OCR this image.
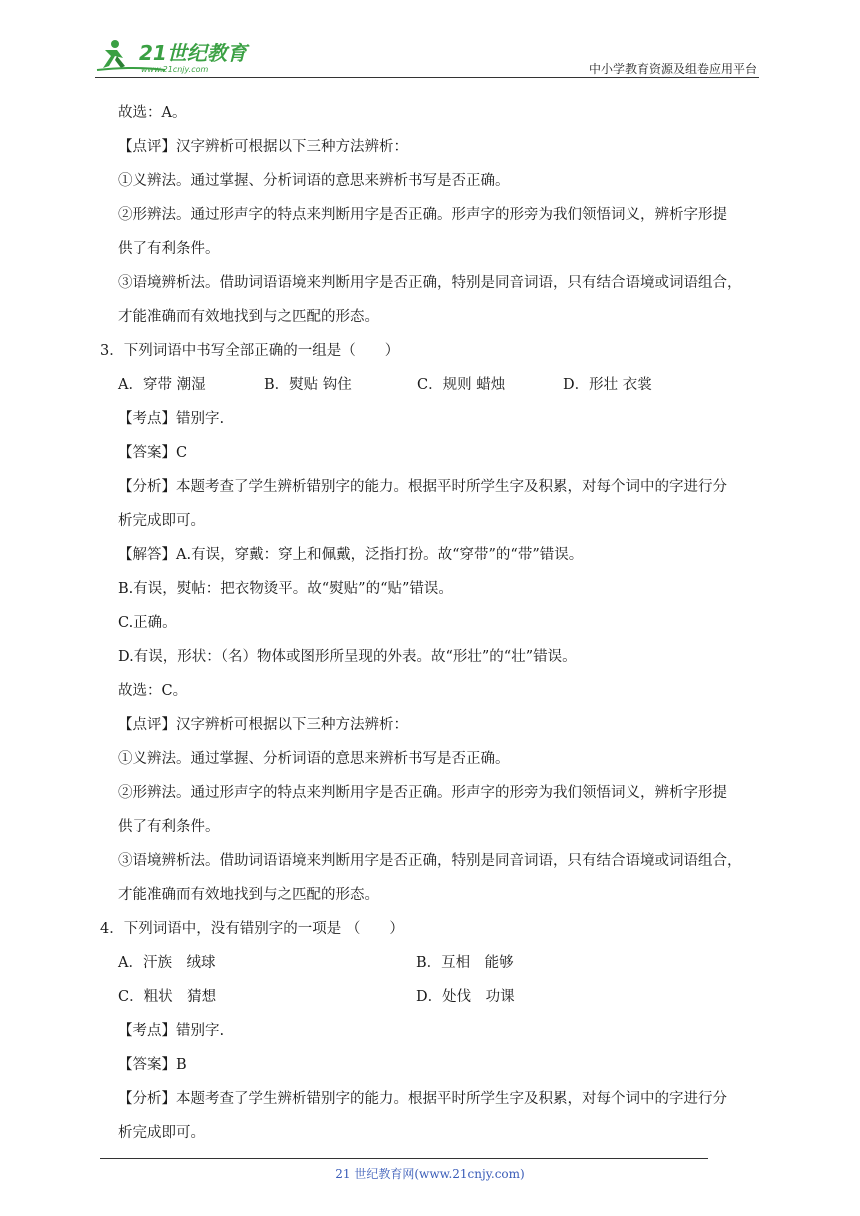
21世纪教育
www.21cnjy.com	中小学教育资源及组卷应用平台
故选：A。
【点评】汉字辨析可根据以下三种方法辨析：
①义辨法。通过掌握、分析词语的意思来辨析书写是否正确。
②形辨法。通过形声字的特点来判断用字是否正确。形声字的形旁为我们领悟词义，辨析字形提
供了有利条件。
③语境辨析法。借助词语语境来判断用字是否正确，特别是同音词语，只有结合语境或词语组合，
才能准确而有效地找到与之匹配的形态。
3．下列词语中书写全部正确的一组是（　　）
A．穿带 潮湿	B．熨贴 钩住	C．规则 蜡烛	D．形壮 衣裳
【考点】错别字.
【答案】C
【分析】本题考查了学生辨析错别字的能力。根据平时所学生字及积累，对每个词中的字进行分
析完成即可。
【解答】A.有误，穿戴：穿上和佩戴，泛指打扮。故“穿带”的“带”错误。
B.有误，熨帖：把衣物烫平。故“熨贴”的“贴”错误。
C.正确。
D.有误，形状：（名）物体或图形所呈现的外表。故“形壮”的“壮”错误。
故选：C。
【点评】汉字辨析可根据以下三种方法辨析：
①义辨法。通过掌握、分析词语的意思来辨析书写是否正确。
②形辨法。通过形声字的特点来判断用字是否正确。形声字的形旁为我们领悟词义，辨析字形提
供了有利条件。
③语境辨析法。借助词语语境来判断用字是否正确，特别是同音词语，只有结合语境或词语组合，
才能准确而有效地找到与之匹配的形态。
4．下列词语中，没有错别字的一项是 （　　）
A．汗族　绒球	B．互相　能够
C．粗状　猜想	D．处伐　功课
【考点】错别字.
【答案】B
【分析】本题考查了学生辨析错别字的能力。根据平时所学生字及积累，对每个词中的字进行分
析完成即可。
21 世纪教育网(www.21cnjy.com)
